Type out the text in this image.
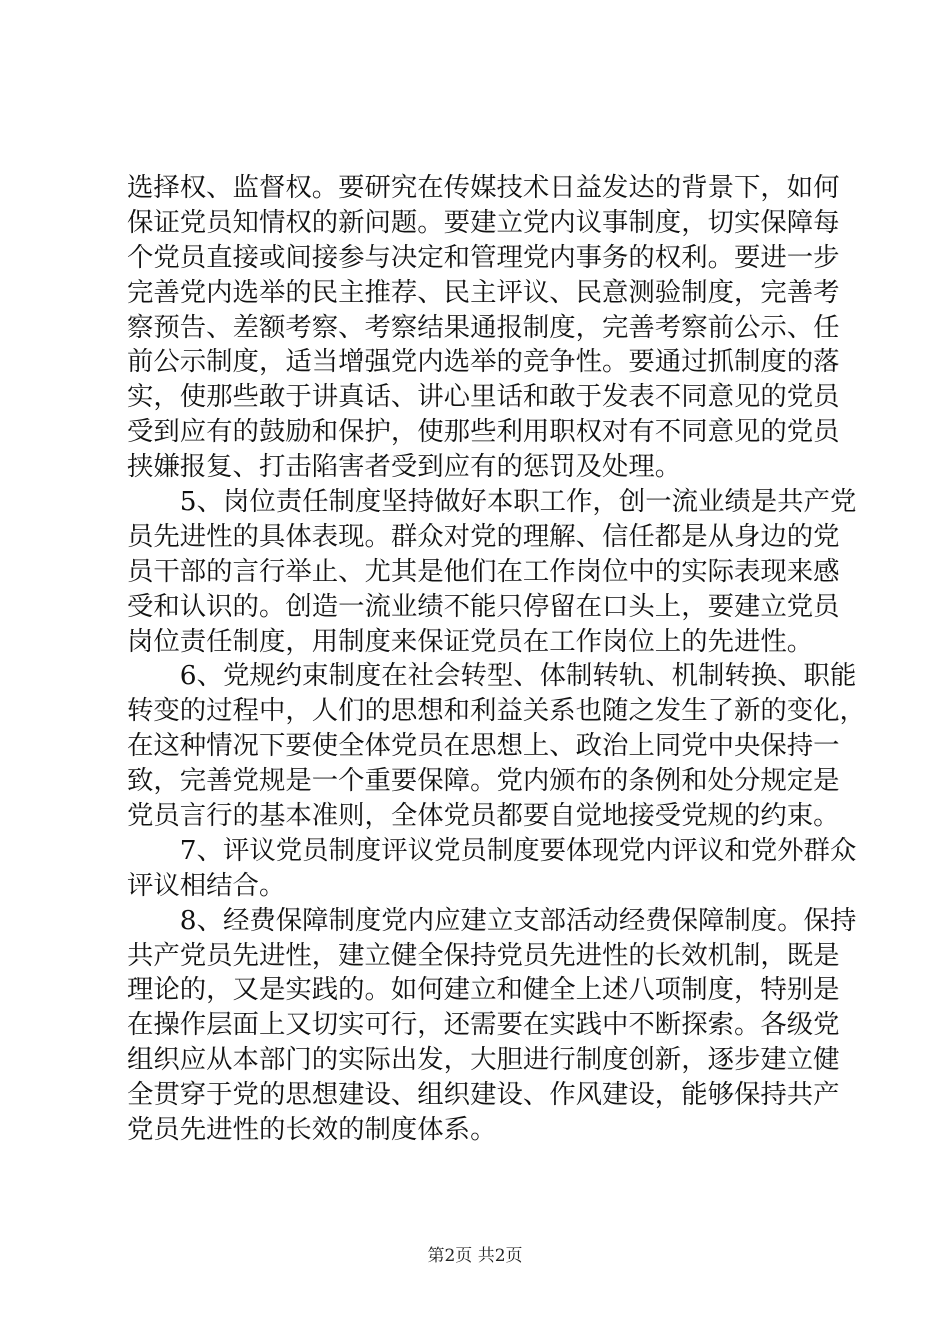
选择权、监督权。要研究在传媒技术日益发达的背景下，如何
保证党员知情权的新问题。要建立党内议事制度，切实保障每
个党员直接或间接参与决定和管理党内事务的权利。要进一步
完善党内选举的民主推荐、民主评议、民意测验制度，完善考
察预告、差额考察、考察结果通报制度，完善考察前公示、任
前公示制度，适当增强党内选举的竞争性。要通过抓制度的落
实，使那些敢于讲真话、讲心里话和敢于发表不同意见的党员
受到应有的鼓励和保护，使那些利用职权对有不同意见的党员
挟嫌报复、打击陷害者受到应有的惩罚及处理。
　　5、岗位责任制度坚持做好本职工作，创一流业绩是共产党
员先进性的具体表现。群众对党的理解、信任都是从身边的党
员干部的言行举止、尤其是他们在工作岗位中的实际表现来感
受和认识的。创造一流业绩不能只停留在口头上，要建立党员
岗位责任制度，用制度来保证党员在工作岗位上的先进性。
　　6、党规约束制度在社会转型、体制转轨、机制转换、职能
转变的过程中，人们的思想和利益关系也随之发生了新的变化，
在这种情况下要使全体党员在思想上、政治上同党中央保持一
致，完善党规是一个重要保障。党内颁布的条例和处分规定是
党员言行的基本准则，全体党员都要自觉地接受党规的约束。
　　7、评议党员制度评议党员制度要体现党内评议和党外群众
评议相结合。
　　8、经费保障制度党内应建立支部活动经费保障制度。保持
共产党员先进性，建立健全保持党员先进性的长效机制，既是
理论的，又是实践的。如何建立和健全上述八项制度，特别是
在操作层面上又切实可行，还需要在实践中不断探索。各级党
组织应从本部门的实际出发，大胆进行制度创新，逐步建立健
全贯穿于党的思想建设、组织建设、作风建设，能够保持共产
党员先进性的长效的制度体系。
第2页 共2页
